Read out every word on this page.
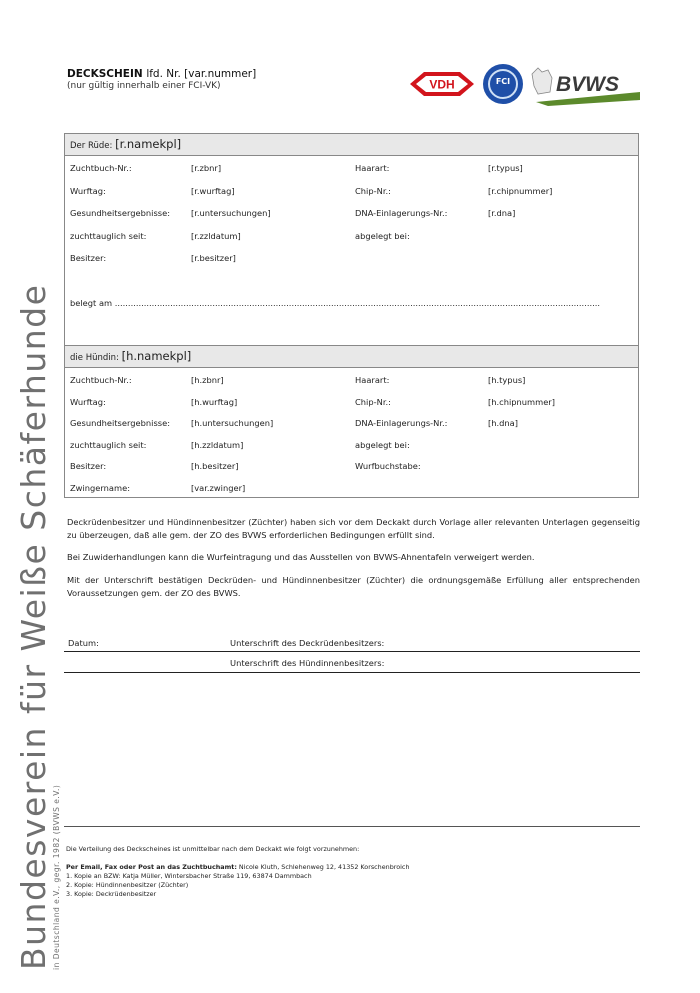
Bundesverein für Weiße Schäferhunde in Deutschland e.V., gegr. 1982 (BVWS e.V.)
DECKSCHEIN lfd. Nr. [var.nummer]
(nur gültig innerhalb einer FCI-VK)	VDH	FCI	BVWS
Der Rüde: [r.namekpl]
Zuchtbuch-Nr.:	[r.zbnr]	Haarart:	[r.typus]
Wurftag:	[r.wurftag]	Chip-Nr.:	[r.chipnummer]
Gesundheitsergebnisse:	[r.untersuchungen]	DNA-Einlagerungs-Nr.:	[r.dna]
zuchttauglich seit:	[r.zzldatum]	abgelegt bei:
Besitzer:	[r.besitzer]
belegt am ........................................................................................................................................................................................
die Hündin: [h.namekpl]
Zuchtbuch-Nr.:	[h.zbnr]	Haarart:	[h.typus]
Wurftag:	[h.wurftag]	Chip-Nr.:	[h.chipnummer]
Gesundheitsergebnisse:	[h.untersuchungen]	DNA-Einlagerungs-Nr.:	[h.dna]
zuchttauglich seit:	[h.zzldatum]	abgelegt bei:
Besitzer:	[h.besitzer]	Wurfbuchstabe:
Zwingername:	[var.zwinger]
Deckrüdenbesitzer und Hündinnenbesitzer (Züchter) haben sich vor dem Deckakt durch Vorlage aller relevanten Unterlagen gegenseitig zu überzeugen, daß alle gem. der ZO des BVWS erforderlichen Bedingungen erfüllt sind.
Bei Zuwiderhandlungen kann die Wurfeintragung und das Ausstellen von BVWS-Ahnentafeln verweigert werden.
Mit der Unterschrift bestätigen Deckrüden- und Hündinnenbesitzer (Züchter) die ordnungsgemäße Erfüllung aller entsprechenden Voraussetzungen gem. der ZO des BVWS.
Datum:	Unterschrift des Deckrüdenbesitzers:
Unterschrift des Hündinnenbesitzers:
Die Verteilung des Deckscheines ist unmittelbar nach dem Deckakt wie folgt vorzunehmen:
Per Email, Fax oder Post an das Zuchtbuchamt: Nicole Kluth, Schlehenweg 12, 41352 Korschenbroich
1. Kopie an BZW: Katja Müller, Wintersbacher Straße 119, 63874 Dammbach
2. Kopie: Hündinnenbesitzer (Züchter)
3. Kopie: Deckrüdenbesitzer
